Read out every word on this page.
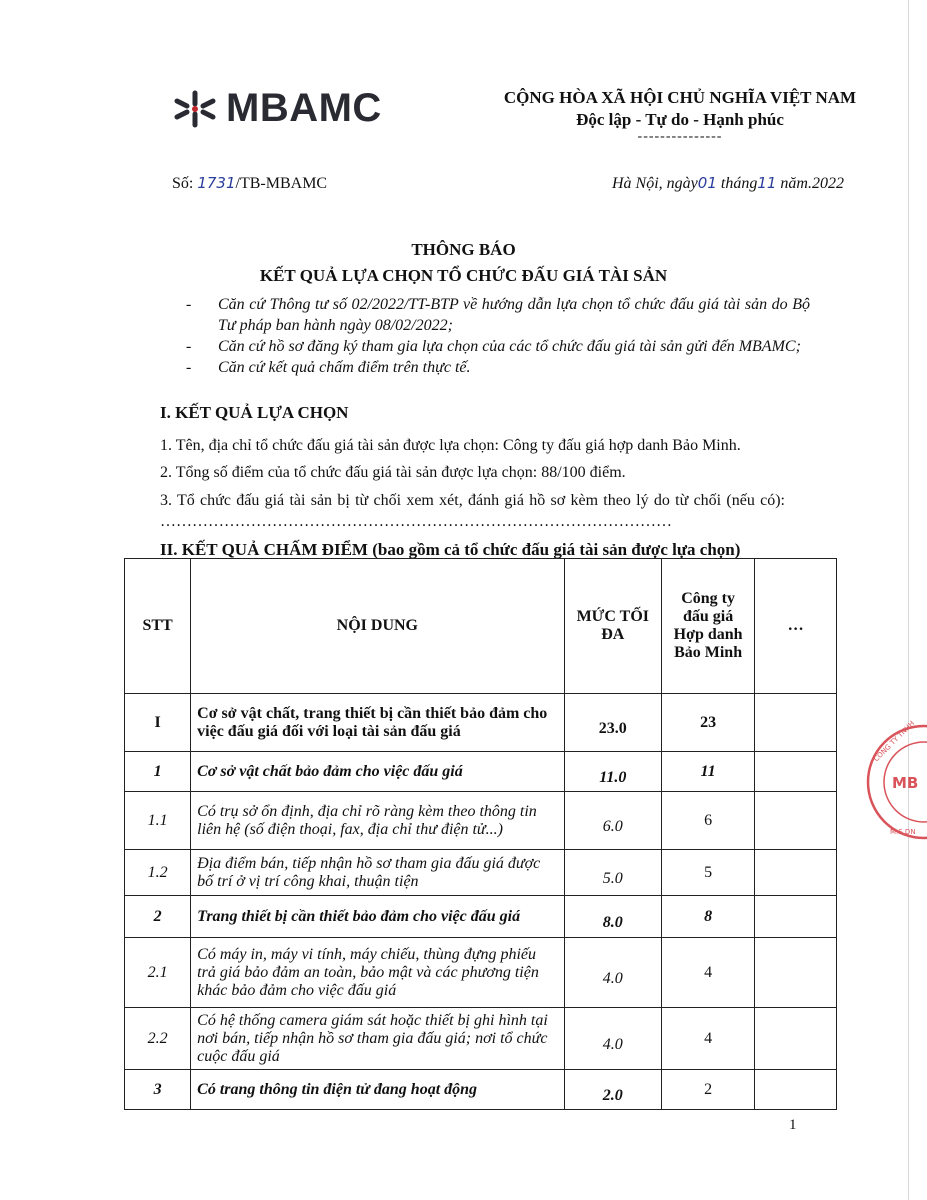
MBAMC	CỘNG HÒA XÃ HỘI CHỦ NGHĨA VIỆT NAM
Độc lập - Tự do - Hạnh phúc
---------------
Số: 1731/TB-MBAMC	Hà Nội, ngày01 tháng11 năm.2022
THÔNG BÁO
KẾT QUẢ LỰA CHỌN TỔ CHỨC ĐẤU GIÁ TÀI SẢN
-	Căn cứ Thông tư số 02/2022/TT-BTP về hướng dẫn lựa chọn tổ chức đấu giá tài sản do Bộ Tư pháp ban hành ngày 08/02/2022;
-	Căn cứ hồ sơ đăng ký tham gia lựa chọn của các tổ chức đấu giá tài sản gửi đến MBAMC;
-	Căn cứ kết quả chấm điểm trên thực tế.
I. KẾT QUẢ LỰA CHỌN
1. Tên, địa chỉ tổ chức đấu giá tài sản được lựa chọn: Công ty đấu giá hợp danh Bảo Minh.
2. Tổng số điểm của tổ chức đấu giá tài sản được lựa chọn: 88/100 điểm.
3. Tổ chức đấu giá tài sản bị từ chối xem xét, đánh giá hồ sơ kèm theo lý do từ chối (nếu có): ……………………………………………………………………………………
II. KẾT QUẢ CHẤM ĐIỂM (bao gồm cả tổ chức đấu giá tài sản được lựa chọn)
STT	NỘI DUNG	MỨC TỐI ĐA	Công ty đấu giá Hợp danh Bảo Minh	…
I	Cơ sở vật chất, trang thiết bị cần thiết bảo đảm cho việc đấu giá đối với loại tài sản đấu giá	23.0	23	
1	Cơ sở vật chất bảo đảm cho việc đấu giá	11.0	11	
1.1	Có trụ sở ổn định, địa chỉ rõ ràng kèm theo thông tin liên hệ (số điện thoại, fax, địa chỉ thư điện tử...)	6.0	6	
1.2	Địa điểm bán, tiếp nhận hồ sơ tham gia đấu giá được bố trí ở vị trí công khai, thuận tiện	5.0	5	
2	Trang thiết bị cần thiết bảo đảm cho việc đấu giá	8.0	8	
2.1	Có máy in, máy vi tính, máy chiếu, thùng đựng phiếu trả giá bảo đảm an toàn, bảo mật và các phương tiện khác bảo đảm cho việc đấu giá	4.0	4	
2.2	Có hệ thống camera giám sát hoặc thiết bị ghi hình tại nơi bán, tiếp nhận hồ sơ tham gia đấu giá; nơi tổ chức cuộc đấu giá	4.0	4	
3	Có trang thông tin điện tử đang hoạt động	2.0	2	
CÔNG TY TNHH
MB
M.S.DN
1
